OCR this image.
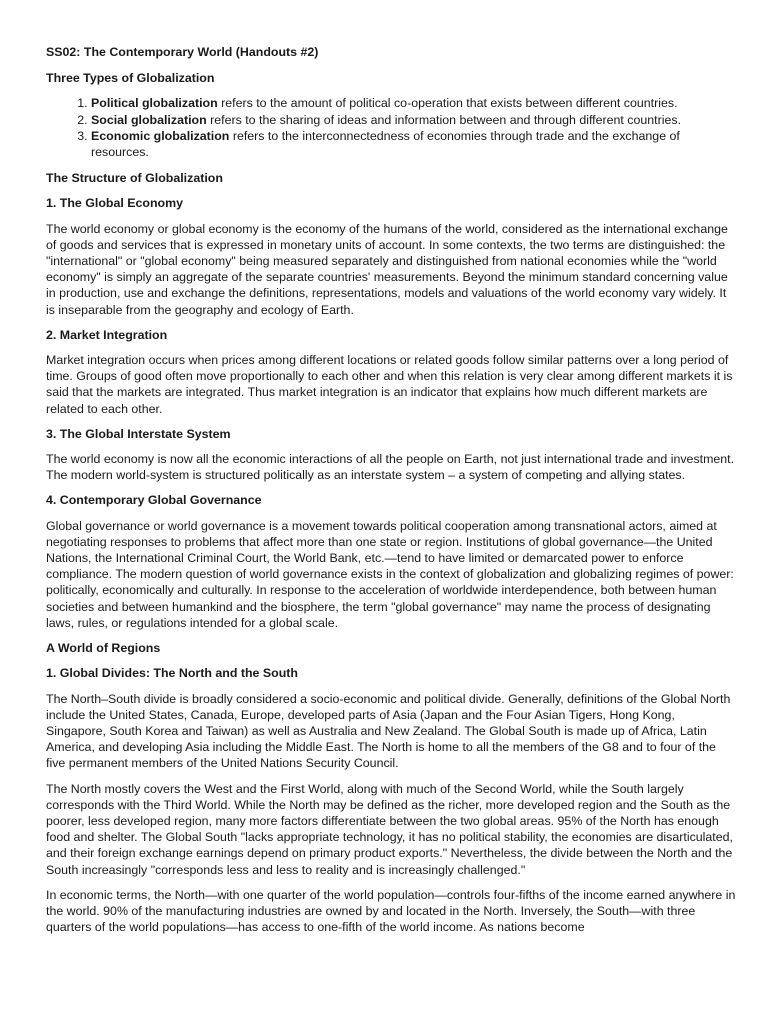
SS02: The Contemporary World (Handouts #2)
Three Types of Globalization
1. Political globalization refers to the amount of political co-operation that exists between different countries.
2. Social globalization refers to the sharing of ideas and information between and through different countries.
3. Economic globalization refers to the interconnectedness of economies through trade and the exchange of resources.
The Structure of Globalization
1. The Global Economy

The world economy or global economy is the economy of the humans of the world, considered as the international exchange of goods and services that is expressed in monetary units of account. In some contexts, the two terms are distinguished: the "international" or "global economy" being measured separately and distinguished from national economies while the "world economy" is simply an aggregate of the separate countries' measurements. Beyond the minimum standard concerning value in production, use and exchange the definitions, representations, models and valuations of the world economy vary widely. It is inseparable from the geography and ecology of Earth.

2. Market Integration

Market integration occurs when prices among different locations or related goods follow similar patterns over a long period of time. Groups of good often move proportionally to each other and when this relation is very clear among different markets it is said that the markets are integrated. Thus market integration is an indicator that explains how much different markets are related to each other.

3. The Global Interstate System

The world economy is now all the economic interactions of all the people on Earth, not just international trade and investment. The modern world-system is structured politically as an interstate system – a system of competing and allying states.

4. Contemporary Global Governance

Global governance or world governance is a movement towards political cooperation among transnational actors, aimed at negotiating responses to problems that affect more than one state or region. Institutions of global governance—the United Nations, the International Criminal Court, the World Bank, etc.—tend to have limited or demarcated power to enforce compliance. The modern question of world governance exists in the context of globalization and globalizing regimes of power: politically, economically and culturally. In response to the acceleration of worldwide interdependence, both between human societies and between humankind and the biosphere, the term "global governance" may name the process of designating laws, rules, or regulations intended for a global scale.

A World of Regions
1. Global Divides: The North and the South

The North–South divide is broadly considered a socio-economic and political divide. Generally, definitions of the Global North include the United States, Canada, Europe, developed parts of Asia (Japan and the Four Asian Tigers, Hong Kong, Singapore, South Korea and Taiwan) as well as Australia and New Zealand. The Global South is made up of Africa, Latin America, and developing Asia including the Middle East. The North is home to all the members of the G8 and to four of the five permanent members of the United Nations Security Council.

The North mostly covers the West and the First World, along with much of the Second World, while the South largely corresponds with the Third World. While the North may be defined as the richer, more developed region and the South as the poorer, less developed region, many more factors differentiate between the two global areas. 95% of the North has enough food and shelter. The Global South "lacks appropriate technology, it has no political stability, the economies are disarticulated, and their foreign exchange earnings depend on primary product exports." Nevertheless, the divide between the North and the South increasingly "corresponds less and less to reality and is increasingly challenged."

In economic terms, the North—with one quarter of the world population—controls four-fifths of the income earned anywhere in the world. 90% of the manufacturing industries are owned by and located in the North. Inversely, the South—with three quarters of the world populations—has access to one-fifth of the world income. As nations become
